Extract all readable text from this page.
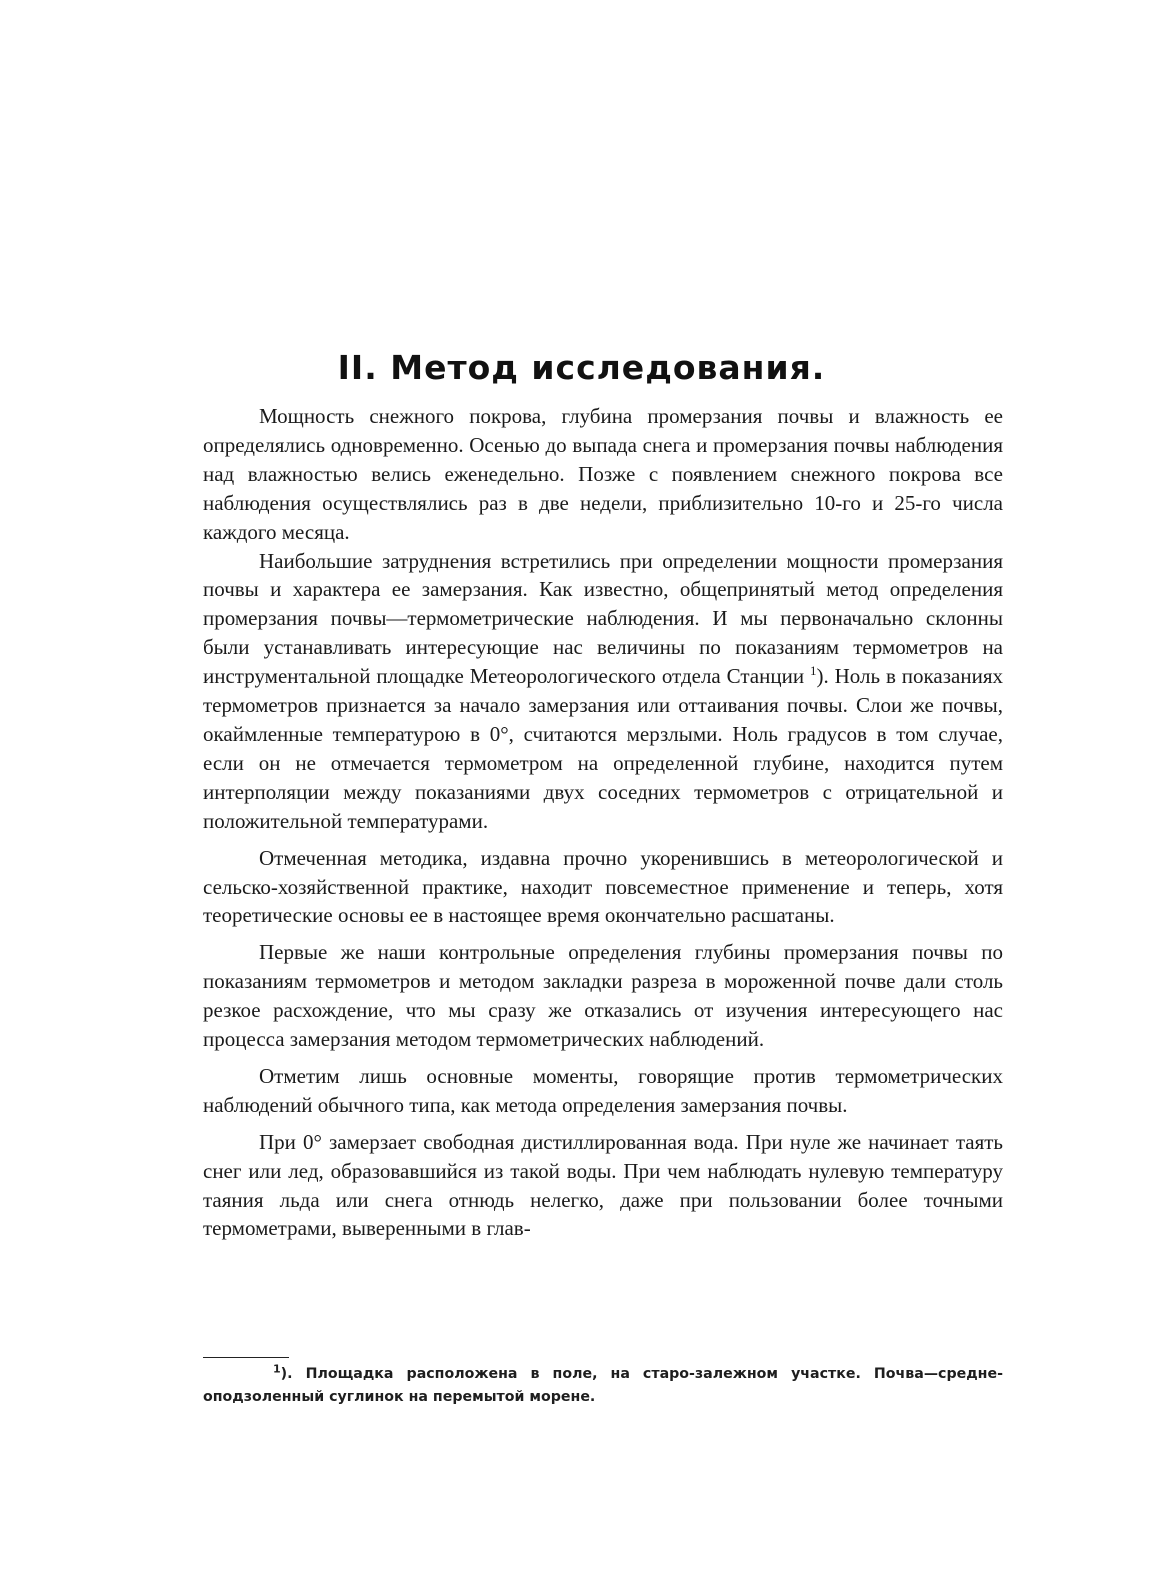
II. Метод исследования.

Мощность снежного покрова, глубина промерзания почвы и влажность ее определялись одновременно. Осенью до выпада снега и промерзания почвы наблюдения над влажностью велись еженедельно. Позже с появлением снежного покрова все наблюдения осуществлялись раз в две недели, приблизительно 10-го и 25-го числа каждого месяца.

Наибольшие затруднения встретились при определении мощности промерзания почвы и характера ее замерзания. Как известно, общепринятый метод определения промерзания почвы—термометрические наблюдения. И мы первоначально склонны были устанавливать интересующие нас величины по показаниям термометров на инструментальной площадке Метеорологического отдела Станции $^1$). Ноль в показаниях термометров признается за начало замерзания или оттаивания почвы. Слои же почвы, окаймленные температурою в 0°, считаются мерзлыми. Ноль градусов в том случае, если он не отмечается термометром на определенной глубине, находится путем интерполяции между показаниями двух соседних термометров с отрицательной и положительной температурами.

Отмеченная методика, издавна прочно укоренившись в метеорологической и сельско-хозяйственной практике, находит повсеместное применение и теперь, хотя теоретические основы ее в настоящее время окончательно расшатаны.

Первые же наши контрольные определения глубины промерзания почвы по показаниям термометров и методом закладки разреза в мороженной почве дали столь резкое расхождение, что мы сразу же отказались от изучения интересующего нас процесса замерзания методом термометрических наблюдений.

Отметим лишь основные моменты, говорящие против термометрических наблюдений обычного типа, как метода определения замерзания почвы.

При 0° замерзает свободная дистиллированная вода. При нуле же начинает таять снег или лед, образовавшийся из такой воды. При чем наблюдать нулевую температуру таяния льда или снега отнюдь нелегко, даже при пользовании более точными термометрами, выверенными в глав-

$^1$). Площадка расположена в поле, на старо-залежном участке. Почва—средне-оподзоленный суглинок на перемытой морене.
